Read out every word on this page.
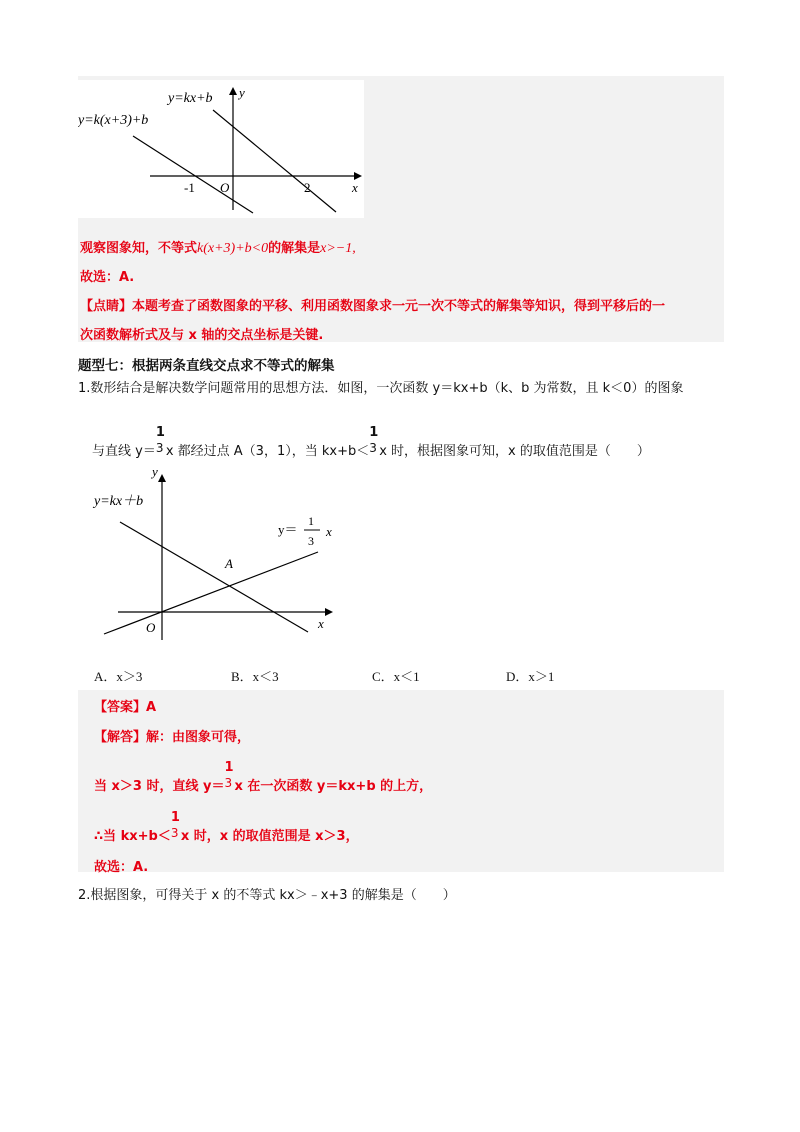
y=k(x+3)+b
y=kx+b y
x
-1 O	2
观察图象知，不等式k(x+3)+b<0的解集是x>−1,
故选：A.
【点睛】本题考查了函数图象的平移、利用函数图象求一元一次不等式的解集等知识，得到平移后的一
次函数解析式及与 x 轴的交点坐标是关键.
题型七：根据两条直线交点求不等式的解集
1.数形结合是解决数学问题常用的思想方法．如图，一次函数 y＝kx+b（k、b 为常数，且 k＜0）的图象
与直线 y＝
1
3 x 都经过点 A（3，1），当 kx+b＜
1
3 x 时，根据图象可知，x 的取值范围是（　　）
y
x
O
A
y=kx＋b
y＝
1
3
x
A．x＞3	B．x＜3	C．x＜1	D．x＞1
【答案】A
【解答】解：由图象可得，
当 x＞3 时，直线 y＝
1
3 x 在一次函数 y＝kx+b 的上方，
∴当 kx+b＜
1
3 x 时，x 的取值范围是 x＞3，
故选：A.
2.根据图象，可得关于 x 的不等式 kx＞﹣x+3 的解集是（　　）
